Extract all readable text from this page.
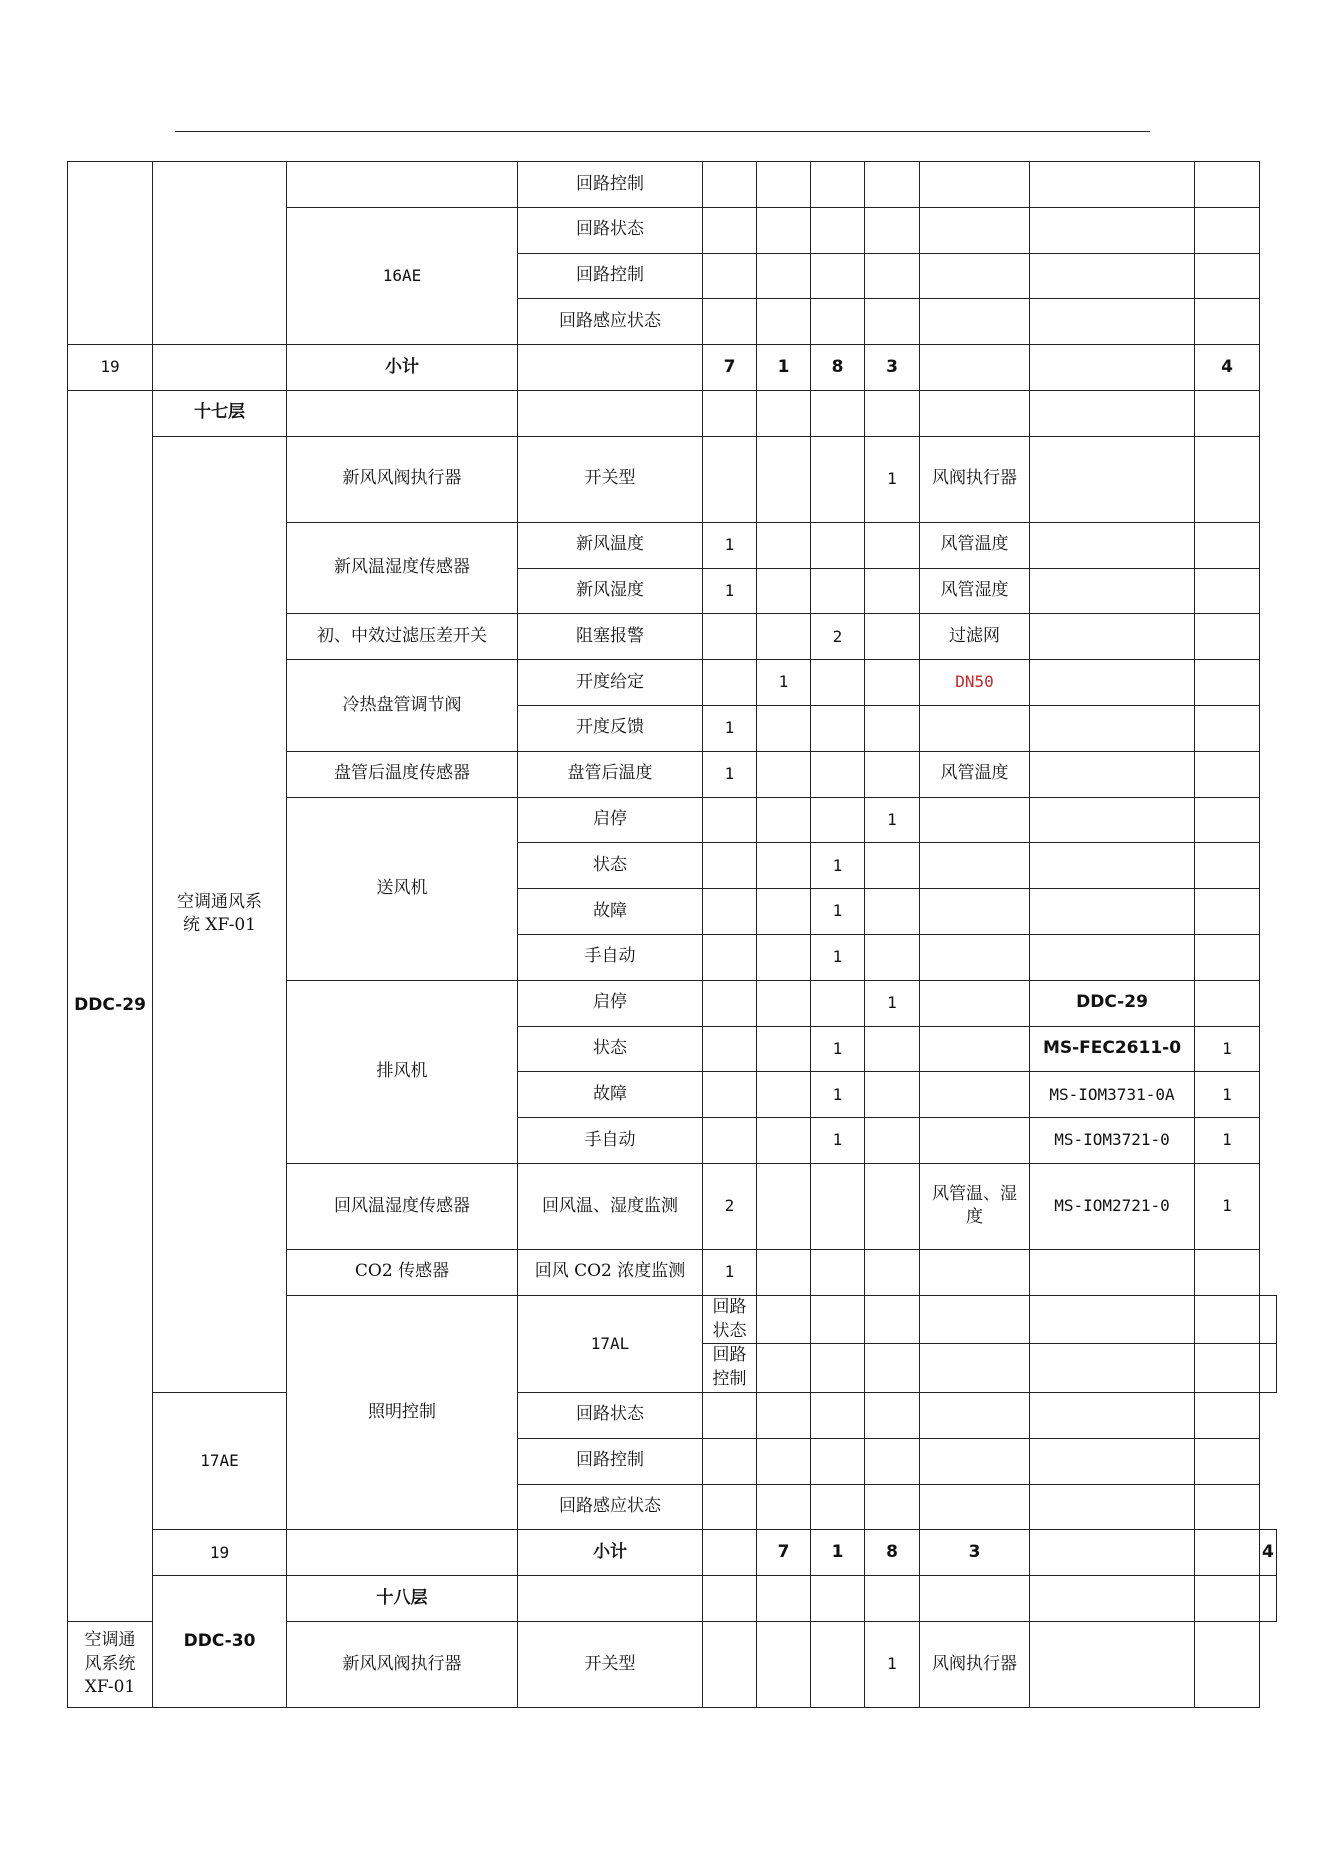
			回路控制								
		16AE	回路状态								
			回路控制								
			回路感应状态								
19		小计		7	1	8	3			4	
DDC-29	十七层										
	空调通风系统 XF-01	新风风阀执行器	开关型				1	风阀执行器			
		新风温湿度传感器	新风温度	1				风管温度			
			新风湿度	1				风管湿度			
		初、中效过滤压差开关	阻塞报警			2		过滤网			
		冷热盘管调节阀	开度给定		1			DN50			
			开度反馈	1							
		盘管后温度传感器	盘管后温度	1				风管温度			
		送风机	启停				1				
			状态			1					
			故障			1					
			手自动			1					
		排风机	启停				1		DDC-29		
			状态			1			MS-FEC2611-0	1	
			故障			1			MS-IOM3731-0A	1	
			手自动			1			MS-IOM3721-0	1	
		回风温湿度传感器	回风温、湿度监测	2				风管温、湿度	MS-IOM2721-0	1	
		CO2 传感器	回风 CO2 浓度监测	1							
		照明控制	17AL	回路状态							
				回路控制							
	17AE		回路状态								
			回路控制								
			回路感应状态								
	19		小计		7	1	8	3			4
	DDC-30	十八层									
空调通风系统 XF-01		新风风阀执行器	开关型				1	风阀执行器			
